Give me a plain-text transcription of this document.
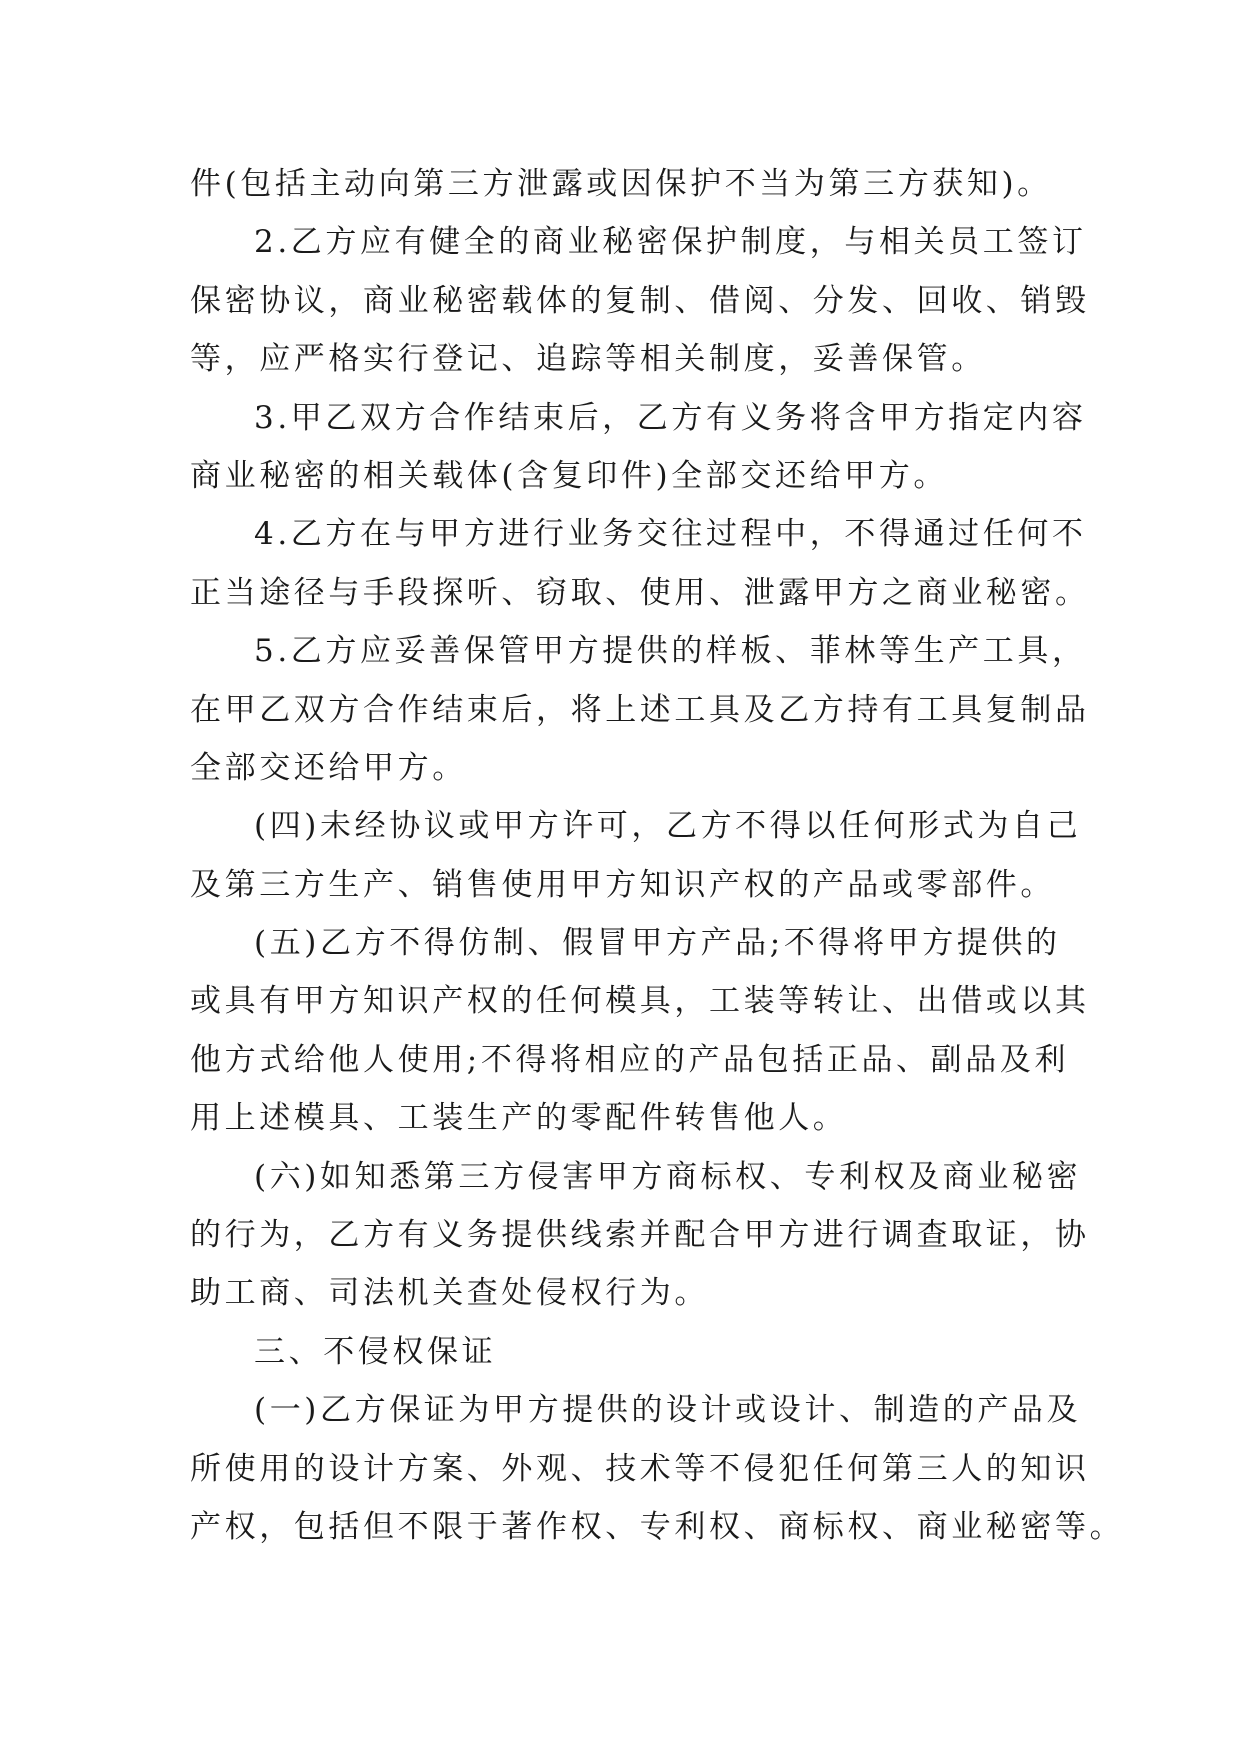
件(包括主动向第三方泄露或因保护不当为第三方获知)。
2.乙方应有健全的商业秘密保护制度，与相关员工签订
保密协议，商业秘密载体的复制、借阅、分发、回收、销毁
等，应严格实行登记、追踪等相关制度，妥善保管。
3.甲乙双方合作结束后，乙方有义务将含甲方指定内容
商业秘密的相关载体(含复印件)全部交还给甲方。
4.乙方在与甲方进行业务交往过程中，不得通过任何不
正当途径与手段探听、窃取、使用、泄露甲方之商业秘密。
5.乙方应妥善保管甲方提供的样板、菲林等生产工具，
在甲乙双方合作结束后，将上述工具及乙方持有工具复制品
全部交还给甲方。
(四)未经协议或甲方许可，乙方不得以任何形式为自己
及第三方生产、销售使用甲方知识产权的产品或零部件。
(五)乙方不得仿制、假冒甲方产品;不得将甲方提供的
或具有甲方知识产权的任何模具，工装等转让、出借或以其
他方式给他人使用;不得将相应的产品包括正品、副品及利
用上述模具、工装生产的零配件转售他人。
(六)如知悉第三方侵害甲方商标权、专利权及商业秘密
的行为，乙方有义务提供线索并配合甲方进行调查取证，协
助工商、司法机关查处侵权行为。
三、不侵权保证
(一)乙方保证为甲方提供的设计或设计、制造的产品及
所使用的设计方案、外观、技术等不侵犯任何第三人的知识
产权，包括但不限于著作权、专利权、商标权、商业秘密等。
